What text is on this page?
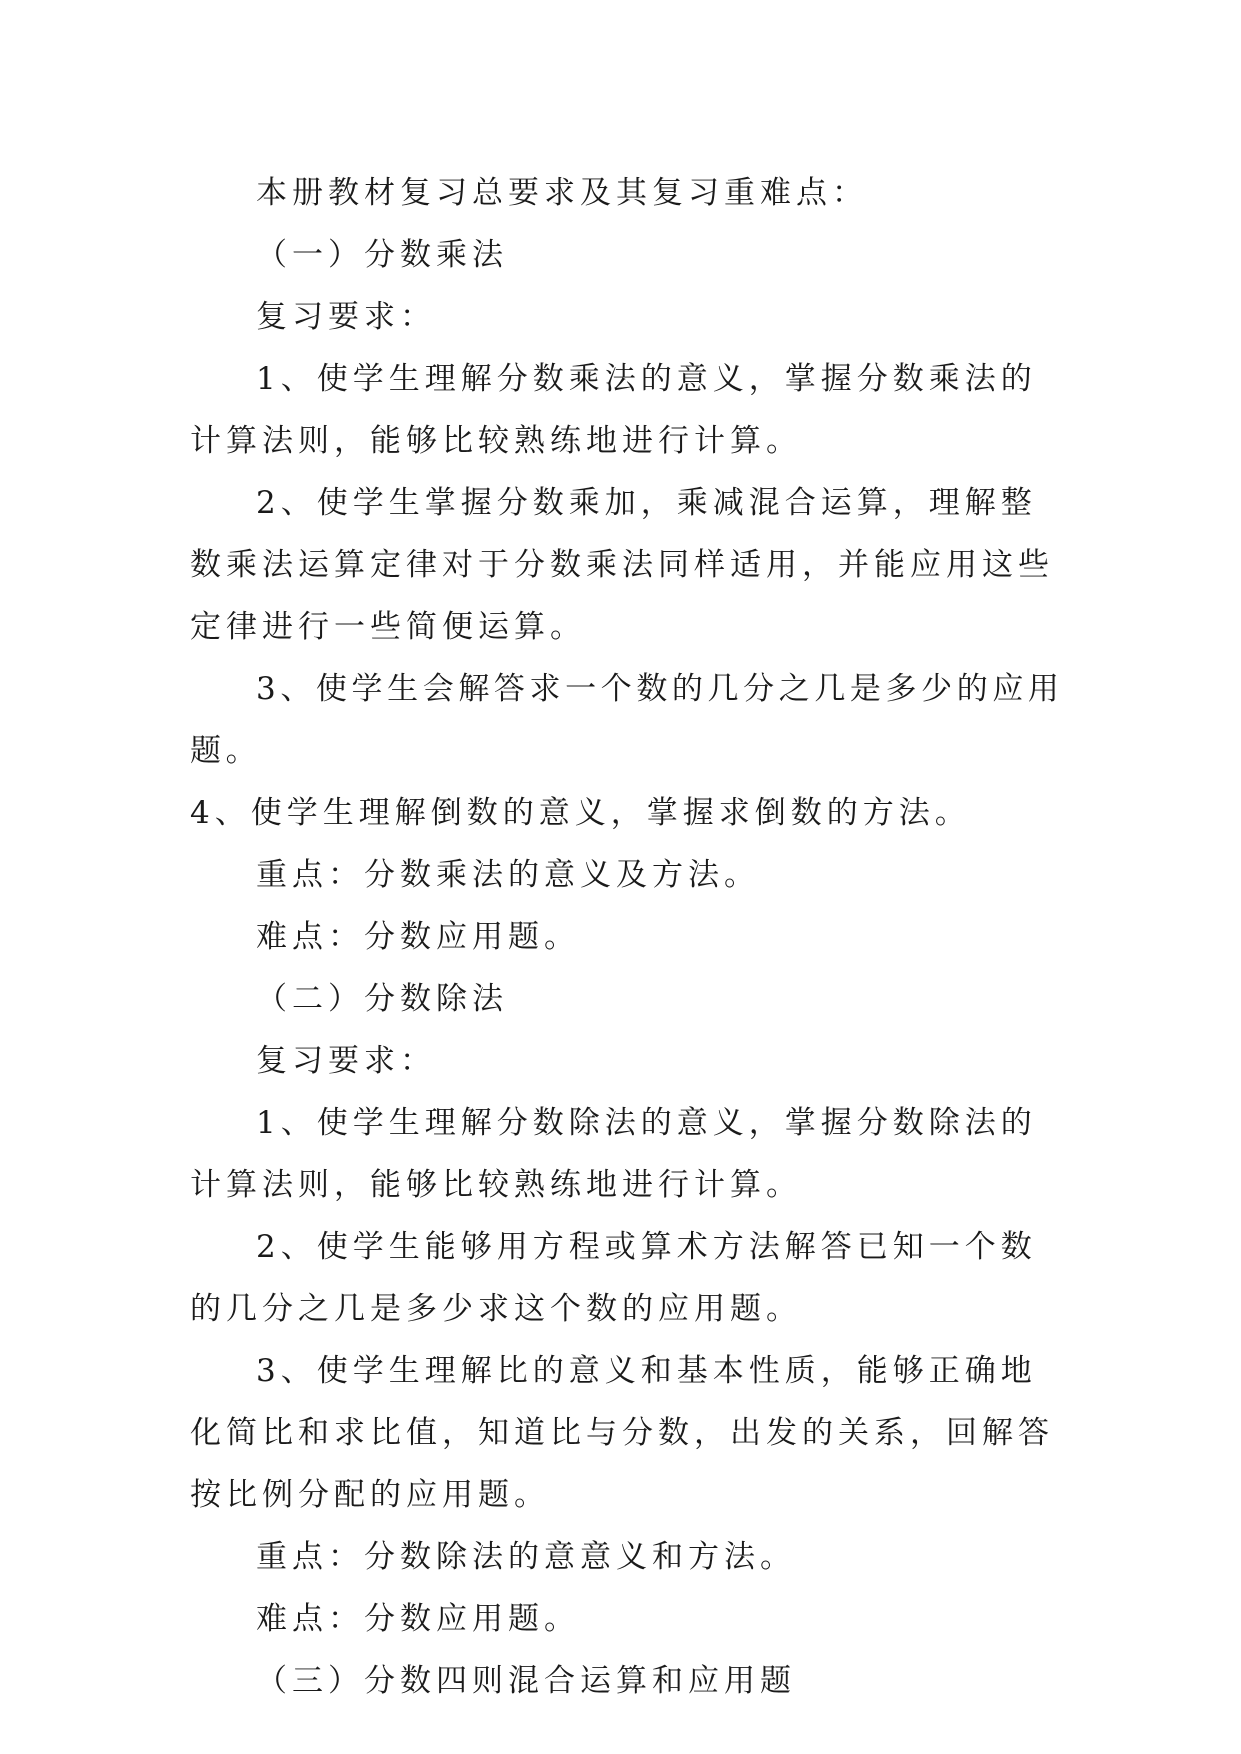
本册教材复习总要求及其复习重难点：

（一）分数乘法

复习要求：

1、使学生理解分数乘法的意义，掌握分数乘法的计算法则，能够比较熟练地进行计算。

2、使学生掌握分数乘加，乘减混合运算，理解整数乘法运算定律对于分数乘法同样适用，并能应用这些定律进行一些简便运算。

3、使学生会解答求一个数的几分之几是多少的应用题。

4、使学生理解倒数的意义，掌握求倒数的方法。

重点：分数乘法的意义及方法。

难点：分数应用题。

（二）分数除法

复习要求：

1、使学生理解分数除法的意义，掌握分数除法的计算法则，能够比较熟练地进行计算。

2、使学生能够用方程或算术方法解答已知一个数的几分之几是多少求这个数的应用题。

3、使学生理解比的意义和基本性质，能够正确地化简比和求比值，知道比与分数，出发的关系，回解答按比例分配的应用题。

重点：分数除法的意意义和方法。

难点：分数应用题。

（三）分数四则混合运算和应用题
